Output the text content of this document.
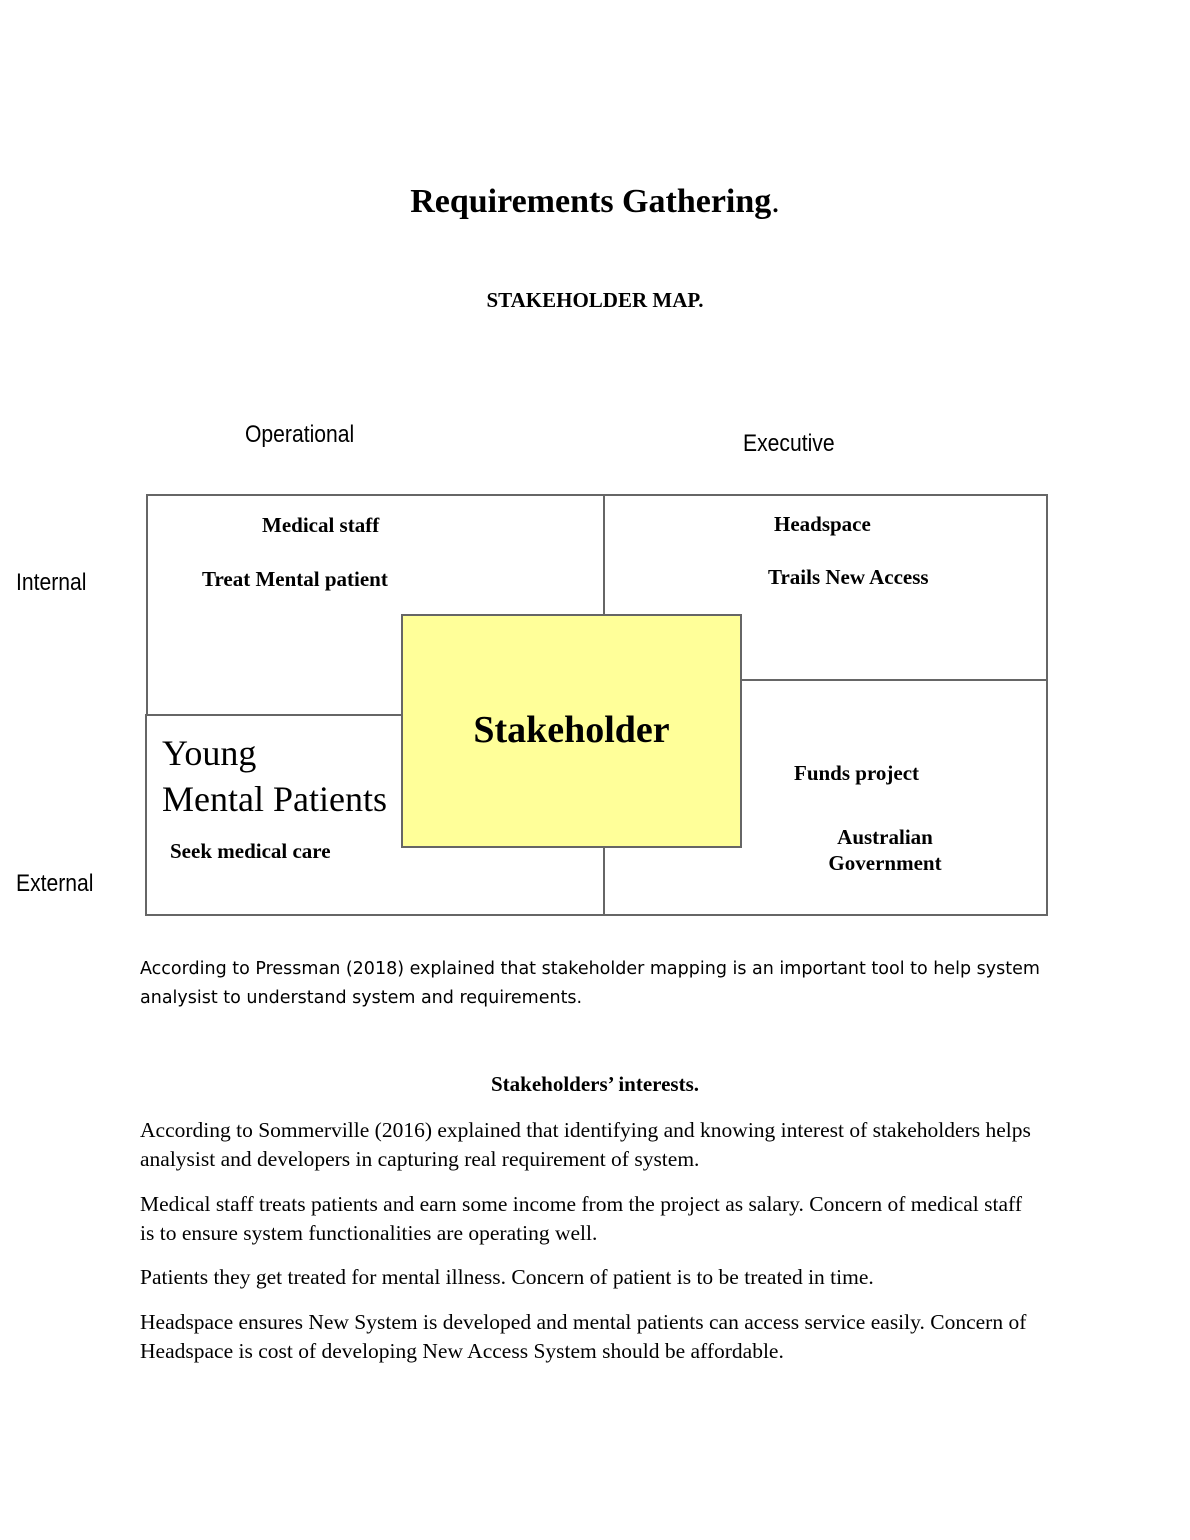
Requirements Gathering.
STAKEHOLDER MAP.
Operational	Executive
Internal
External
Medical staff
Treat Mental patient
Headspace
Trails New Access
Young
Mental Patients
Seek medical care
Funds project
Australian
Government
Stakeholder
According to Pressman (2018) explained that stakeholder mapping is an important tool to help system analysist to understand system and requirements.
Stakeholders’ interests.
According to Sommerville (2016) explained that identifying and knowing interest of stakeholders helps analysist and developers in capturing real requirement of system.
Medical staff treats patients and earn some income from the project as salary. Concern of medical staff is to ensure system functionalities are operating well.
Patients they get treated for mental illness. Concern of patient is to be treated in time.
Headspace ensures New System is developed and mental patients can access service easily. Concern of Headspace is cost of developing New Access System should be affordable.
